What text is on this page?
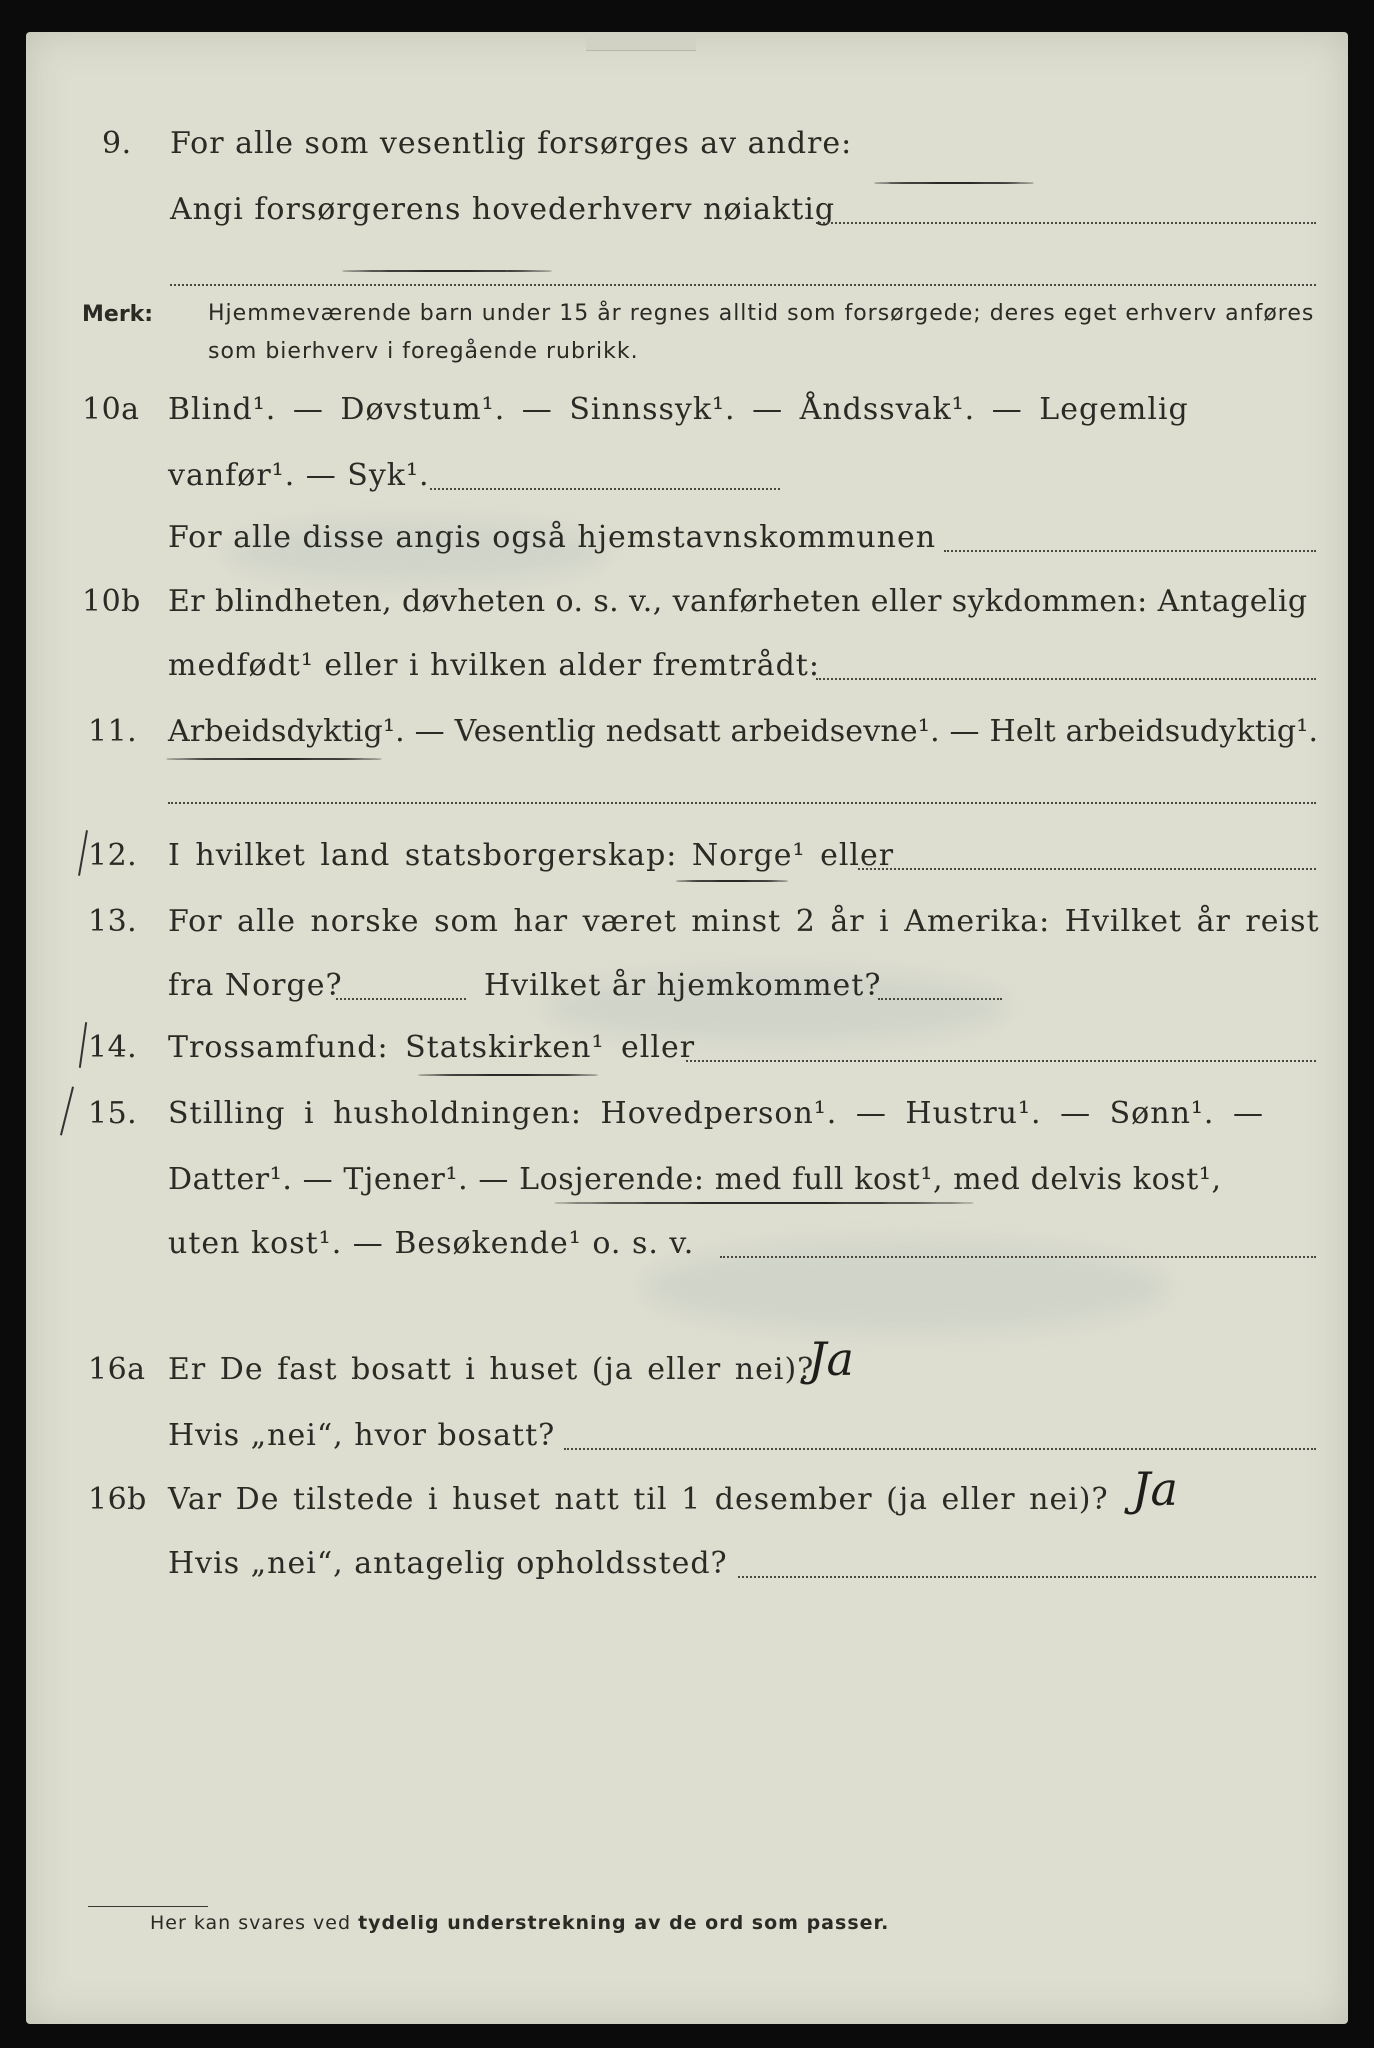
9. For alle som vesentlig forsørges av andre:
Angi forsørgerens hovederhverv nøiaktig
Merk: Hjemmeværende barn under 15 år regnes alltid som forsørgede; deres eget erhverv anføres som bierhverv i foregående rubrikk.
10a Blind¹. — Døvstum¹. — Sinnssyk¹. — Åndssvak¹. — Legemlig
vanfør¹. — Syk¹.
For alle disse angis også hjemstavnskommunen
10b Er blindheten, døvheten o. s. v., vanførheten eller sykdommen: Antagelig
medfødt¹ eller i hvilken alder fremtrådt:
11. Arbeidsdyktig¹. — Vesentlig nedsatt arbeidsevne¹. — Helt arbeidsudyktig¹.
12. I hvilket land statsborgerskap: Norge¹ eller
13. For alle norske som har været minst 2 år i Amerika: Hvilket år reist
fra Norge?	Hvilket år hjemkommet?
14. Trossamfund: Statskirken¹ eller
15. Stilling i husholdningen: Hovedperson¹. — Hustru¹. — Sønn¹. —
Datter¹. — Tjener¹. — Losjerende: med full kost¹, med delvis kost¹,
uten kost¹. — Besøkende¹ o. s. v.
16a Er De fast bosatt i huset (ja eller nei)?
Ja
Hvis „nei“, hvor bosatt?
16b Var De tilstede i huset natt til 1 desember (ja eller nei)? Ja
Hvis „nei“, antagelig opholdssted?
Her kan svares ved tydelig understrekning av de ord som passer.
